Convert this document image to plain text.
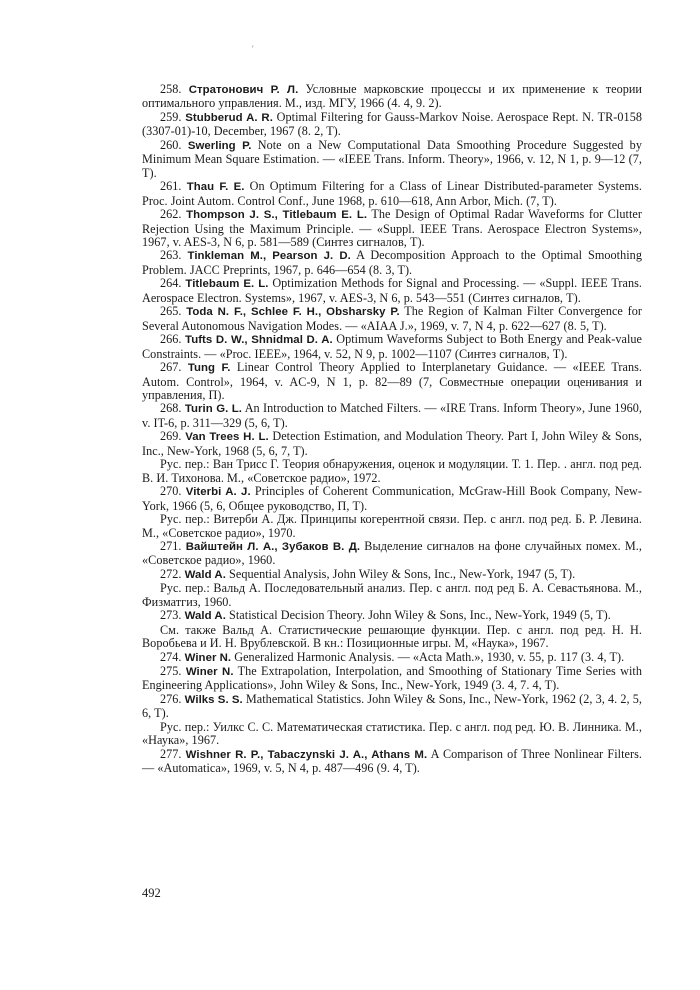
'

258. Стратонович Р. Л. Условные марковские процессы и их применение к теории оптимального управления. М., изд. МГУ, 1966 (4. 4, 9. 2).

259. Stubberud A. R. Optimal Filtering for Gauss-Markov Noise. Aerospace Rept. N. TR-0158 (3307-01)-10, December, 1967 (8. 2, T).

260. Swerling P. Note on a New Computational Data Smoothing Procedure Suggested by Minimum Mean Square Estimation. — «IEEE Trans. Inform. Theory», 1966, v. 12, N 1, p. 9—12 (7, T).

261. Thau F. E. On Optimum Filtering for a Class of Linear Distributed-parameter Systems. Proc. Joint Autom. Control Conf., June 1968, p. 610—618, Ann Arbor, Mich. (7, T).

262. Thompson J. S., Titlebaum E. L. The Design of Optimal Radar Waveforms for Clutter Rejection Using the Maximum Principle. — «Suppl. IEEE Trans. Aerospace Electron Systems», 1967, v. AES-3, N 6, p. 581—589 (Синтез сигналов, T).

263. Tinkleman M., Pearson J. D. A Decomposition Approach to the Optimal Smoothing Problem. JACC Preprints, 1967, p. 646—654 (8. 3, T).

264. Titlebaum E. L. Optimization Methods for Signal and Processing. — «Suppl. IEEE Trans. Aerospace Electron. Systems», 1967, v. AES-3, N 6, p. 543—551 (Синтез сигналов, T).

265. Toda N. F., Schlee F. H., Obsharsky P. The Region of Kalman Filter Convergence for Several Autonomous Navigation Modes. — «AIAA J.», 1969, v. 7, N 4, p. 622—627 (8. 5, T).

266. Tufts D. W., Shnidmal D. A. Optimum Waveforms Subject to Both Energy and Peak-value Constraints. — «Proc. IEEE», 1964, v. 52, N 9, p. 1002—1107 (Синтез сигналов, T).

267. Tung F. Linear Control Theory Applied to Interplanetary Guidance. — «IEEE Trans. Autom. Control», 1964, v. AC-9, N 1, p. 82—89 (7, Совместные операции оценивания и управления, П).

268. Turin G. L. An Introduction to Matched Filters. — «IRE Trans. Inform Theory», June 1960, v. IT-6, p. 311—329 (5, 6, T).

269. Van Trees H. L. Detection Estimation, and Modulation Theory. Part I, John Wiley & Sons, Inc., New-York, 1968 (5, 6, 7, T).

Рус. пер.: Ван Трисс Г. Теория обнаружения, оценок и модуляции. Т. 1. Пер. . англ. под ред. В. И. Тихонова. М., «Советское радио», 1972.

270. Viterbi A. J. Principles of Coherent Communication, McGraw-Hill Book Company, New-York, 1966 (5, 6, Общее руководство, П, Т).

Рус. пер.: Витерби А. Дж. Принципы когерентной связи. Пер. с англ. под ред. Б. Р. Левина. М., «Советское радио», 1970.

271. Вайштейн Л. А., Зубаков В. Д. Выделение сигналов на фоне случайных помех. М., «Советское радио», 1960.

272. Wald A. Sequential Analysis, John Wiley & Sons, Inc., New-York, 1947 (5, T).

Рус. пер.: Вальд А. Последовательный анализ. Пер. с англ. под ред Б. А. Севастьянова. М., Физматгиз, 1960.

273. Wald A. Statistical Decision Theory. John Wiley & Sons, Inc., New-York, 1949 (5, T).

См. также Вальд А. Статистические решающие функции. Пер. с англ. под ред. Н. Н. Воробьева и И. Н. Врублевской. В кн.: Позиционные игры. М, «Наука», 1967.

274. Winer N. Generalized Harmonic Analysis. — «Acta Math.», 1930, v. 55, p. 117 (3. 4, T).

275. Winer N. The Extrapolation, Interpolation, and Smoothing of Stationary Time Series with Engineering Applications», John Wiley & Sons, Inc., New-York, 1949 (3. 4, 7. 4, T).

276. Wilks S. S. Mathematical Statistics. John Wiley & Sons, Inc., New-York, 1962 (2, 3, 4. 2, 5, 6, T).

Рус. пер.: Уилкс С. С. Математическая статистика. Пер. с англ. под ред. Ю. В. Линника. М., «Наука», 1967.

277. Wishner R. P., Tabaczynski J. A., Athans M. A Comparison of Three Nonlinear Filters. — «Automatica», 1969, v. 5, N 4, p. 487—496 (9. 4, T).

492
